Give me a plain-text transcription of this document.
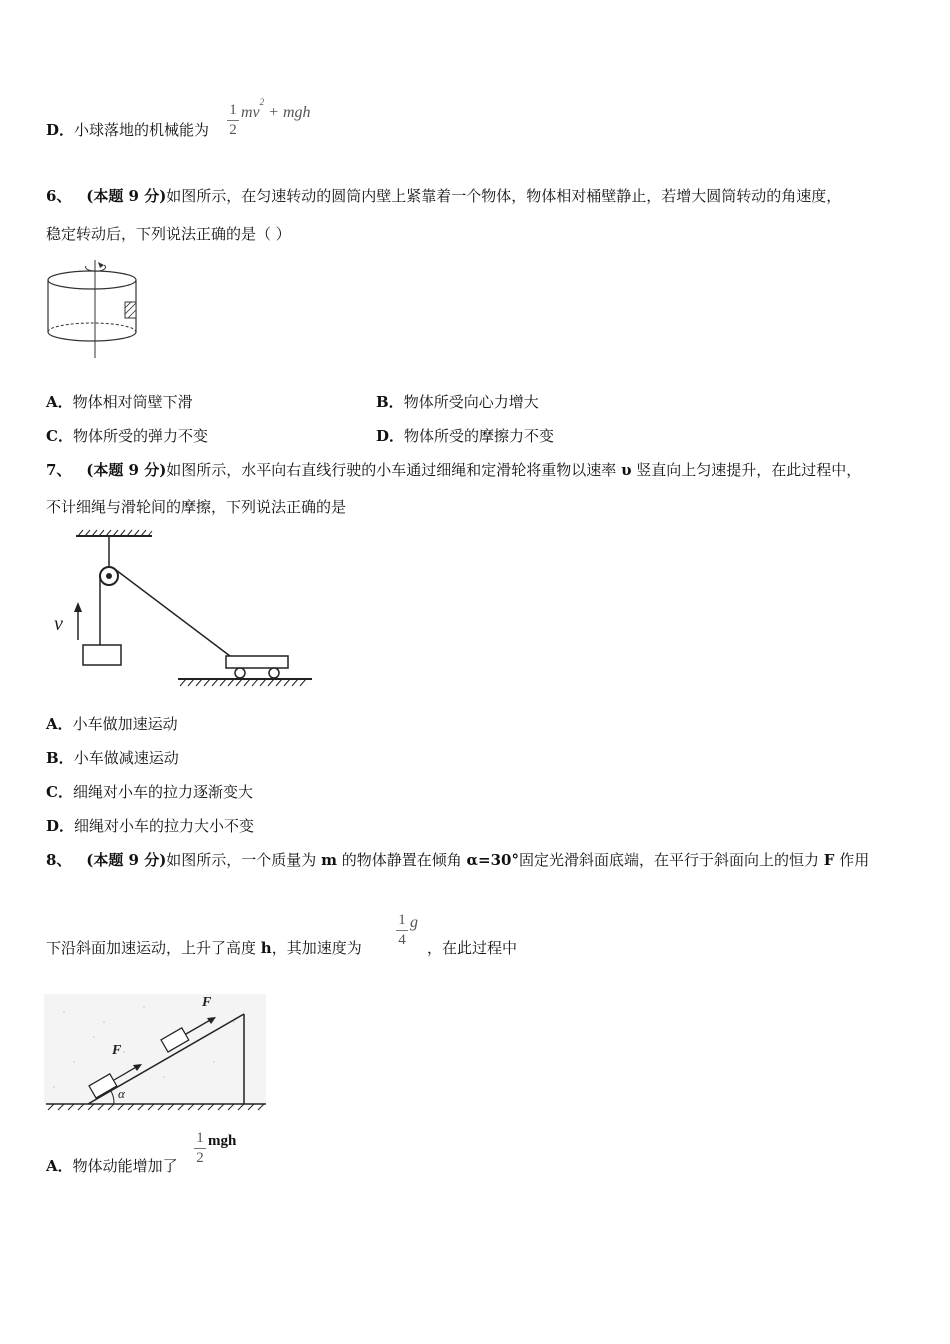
D．小球落地的机械能为 $\frac{1}{2} mv^2$ + mgh
6、 (本题 9 分)如图所示，在匀速转动的圆筒内壁上紧靠着一个物体，物体相对桶壁静止，若增大圆筒转动的角速度，
稳定转动后，下列说法正确的是（ ）
A．物体相对筒壁下滑	B．物体所受向心力增大
C．物体所受的弹力不变	D．物体所受的摩擦力不变
7、 (本题 9 分)如图所示，水平向右直线行驶的小车通过细绳和定滑轮将重物以速率 υ 竖直向上匀速提升，在此过程中，
不计细绳与滑轮间的摩擦，下列说法正确的是
v
A．小车做加速运动
B．小车做减速运动
C．细绳对小车的拉力逐渐变大
D．细绳对小车的拉力大小不变
8、 (本题 9 分)如图所示，一个质量为 m 的物体静置在倾角 α=30°固定光滑斜面底端，在平行于斜面向上的恒力 F 作用
下沿斜面加速运动，上升了高度 h，其加速度为 $\frac{1}{4}$ g
，在此过程中
F
F
α
A．物体动能增加了 $\frac{1}{2}$ mgh
